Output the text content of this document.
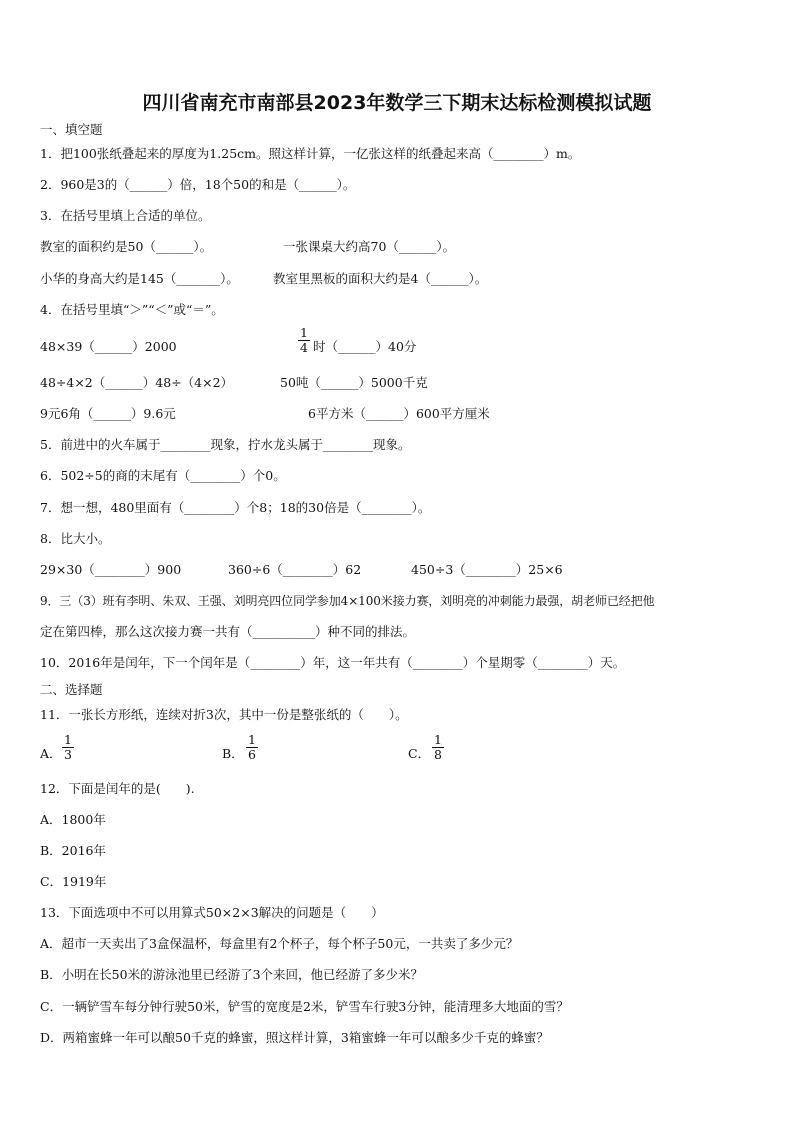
四川省南充市南部县2023年数学三下期末达标检测模拟试题
一、填空题
1．把100张纸叠起来的厚度为1.25cm。照这样计算，一亿张这样的纸叠起来高（________）m。
2．960是3的（______）倍，18个50的和是（______）。
3．在括号里填上合适的单位。
教室的面积约是50（______）。	一张课桌大约高70（______）。
小华的身高大约是145（_______）。	教室里黑板的面积大约是4（______）。
4．在括号里填“＞”“＜”或“＝”。
48×39（______）2000	$\frac{1}{4}$ 时（______）40分
48÷4×2（______）48÷（4×2）	50吨（______）5000千克
9元6角（______）9.6元	6平方米（______）600平方厘米
5．前进中的火车属于________现象，拧水龙头属于________现象。
6．502÷5的商的末尾有（________）个0。
7．想一想，480里面有（________）个8；18的30倍是（________）。
8．比大小。
29×30（________）900	360÷6（________）62	450÷3（________）25×6
9．三（3）班有李明、朱双、王强、刘明亮四位同学参加4×100米接力赛，刘明亮的冲刺能力最强，胡老师已经把他
定在第四棒，那么这次接力赛一共有（__________）种不同的排法。
10．2016年是闰年，下一个闰年是（________）年，这一年共有（________）个星期零（________）天。
二、选择题
11．一张长方形纸，连续对折3次，其中一份是整张纸的（　　）。
A． $\frac{1}{3}$	B． $\frac{1}{6}$	C． $\frac{1}{8}$
12．下面是闰年的是(　　).
A．1800年
B．2016年
C．1919年
13．下面选项中不可以用算式50×2×3解决的问题是（　　）
A．超市一天卖出了3盒保温杯，每盒里有2个杯子，每个杯子50元，一共卖了多少元？
B．小明在长50米的游泳池里已经游了3个来回，他已经游了多少米？
C．一辆铲雪车每分钟行驶50米，铲雪的宽度是2米，铲雪车行驶3分钟，能清理多大地面的雪？
D．两箱蜜蜂一年可以酿50千克的蜂蜜，照这样计算，3箱蜜蜂一年可以酿多少千克的蜂蜜？
